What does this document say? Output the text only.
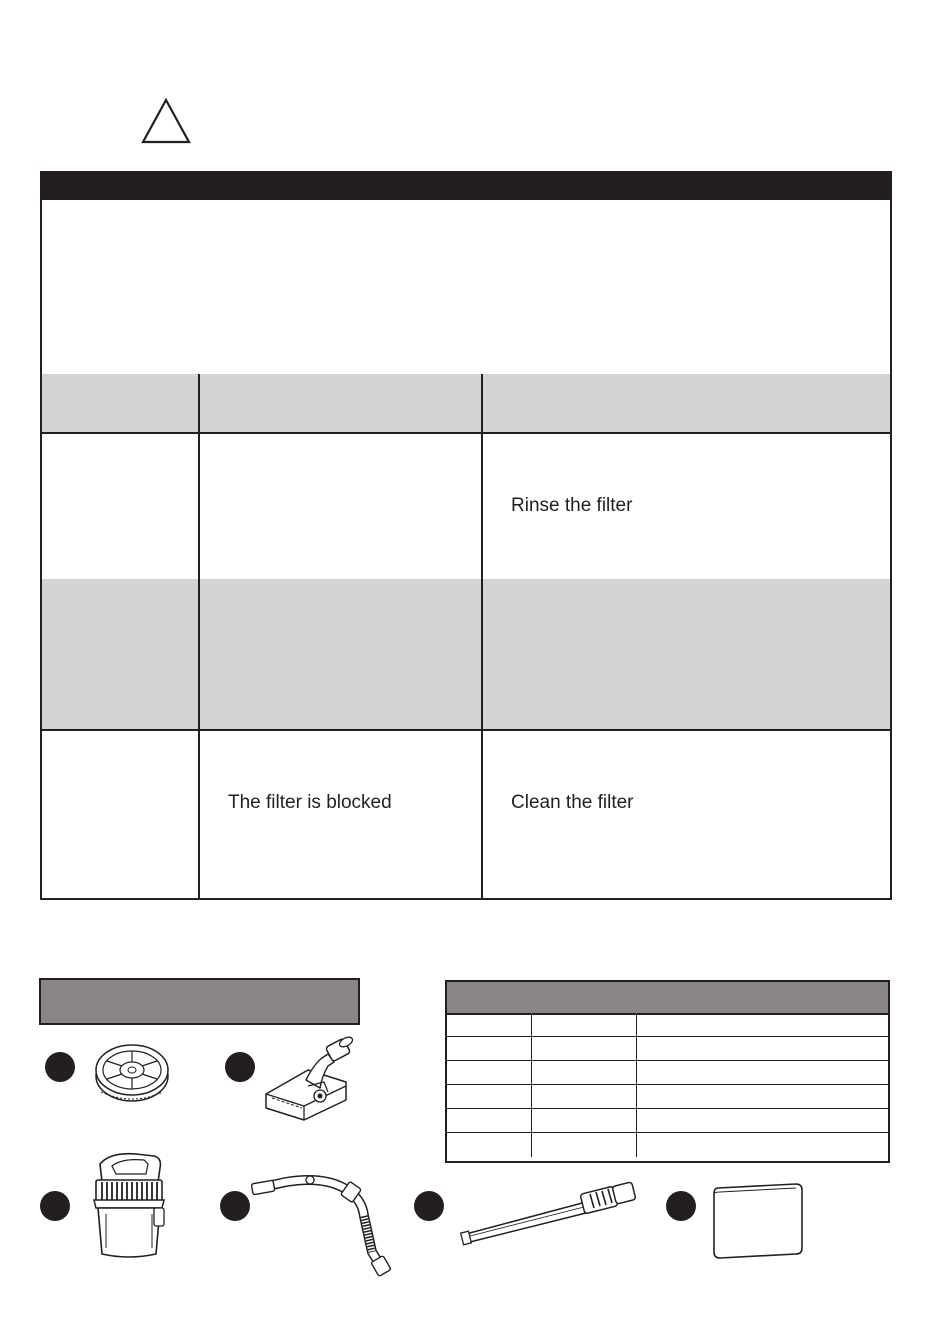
Rinse the filter
The filter is blocked	Clean the filter
